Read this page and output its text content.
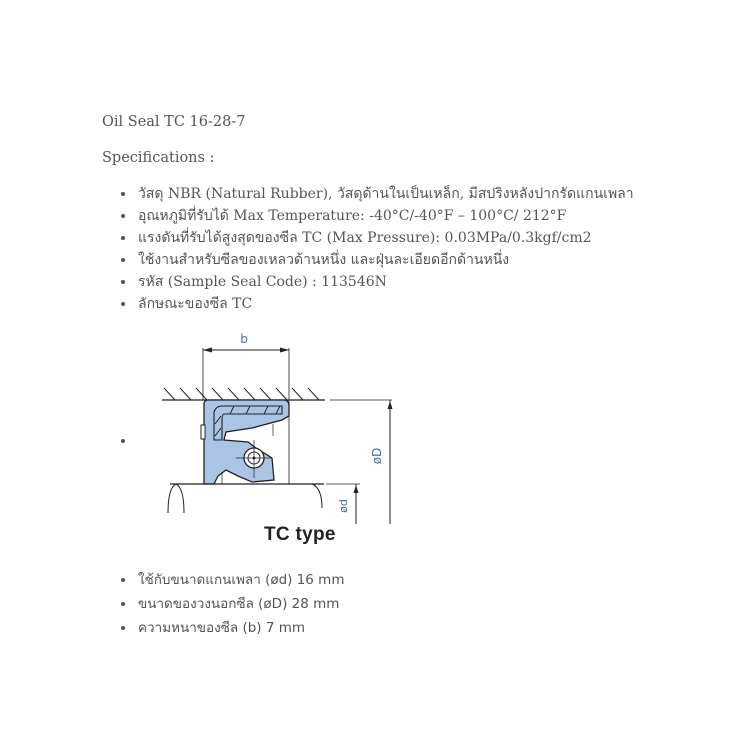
Oil Seal TC 16-28-7

Specifications :

วัสดุ NBR (Natural Rubber), วัสดุด้านในเป็นเหล็ก, มีสปริงหลังปากรัดแกนเพลา
อุณหภูมิที่รับได้ Max Temperature: -40°C/-40°F – 100°C/ 212°F
แรงดันที่รับได้สูงสุดของซีล TC (Max Pressure): 0.03MPa/0.3kgf/cm2
ใช้งานสำหรับซีลของเหลวด้านหนึ่ง และฝุ่นละเอียดอีกด้านหนึ่ง
รหัส (Sample Seal Code) : 113546N
ลักษณะของซีล TC
b
ød
øD
TC type
ใช้กับขนาดแกนเพลา (ød) 16 mm
ขนาดของวงนอกซีล (øD) 28 mm
ความหนาของซีล (b) 7 mm
